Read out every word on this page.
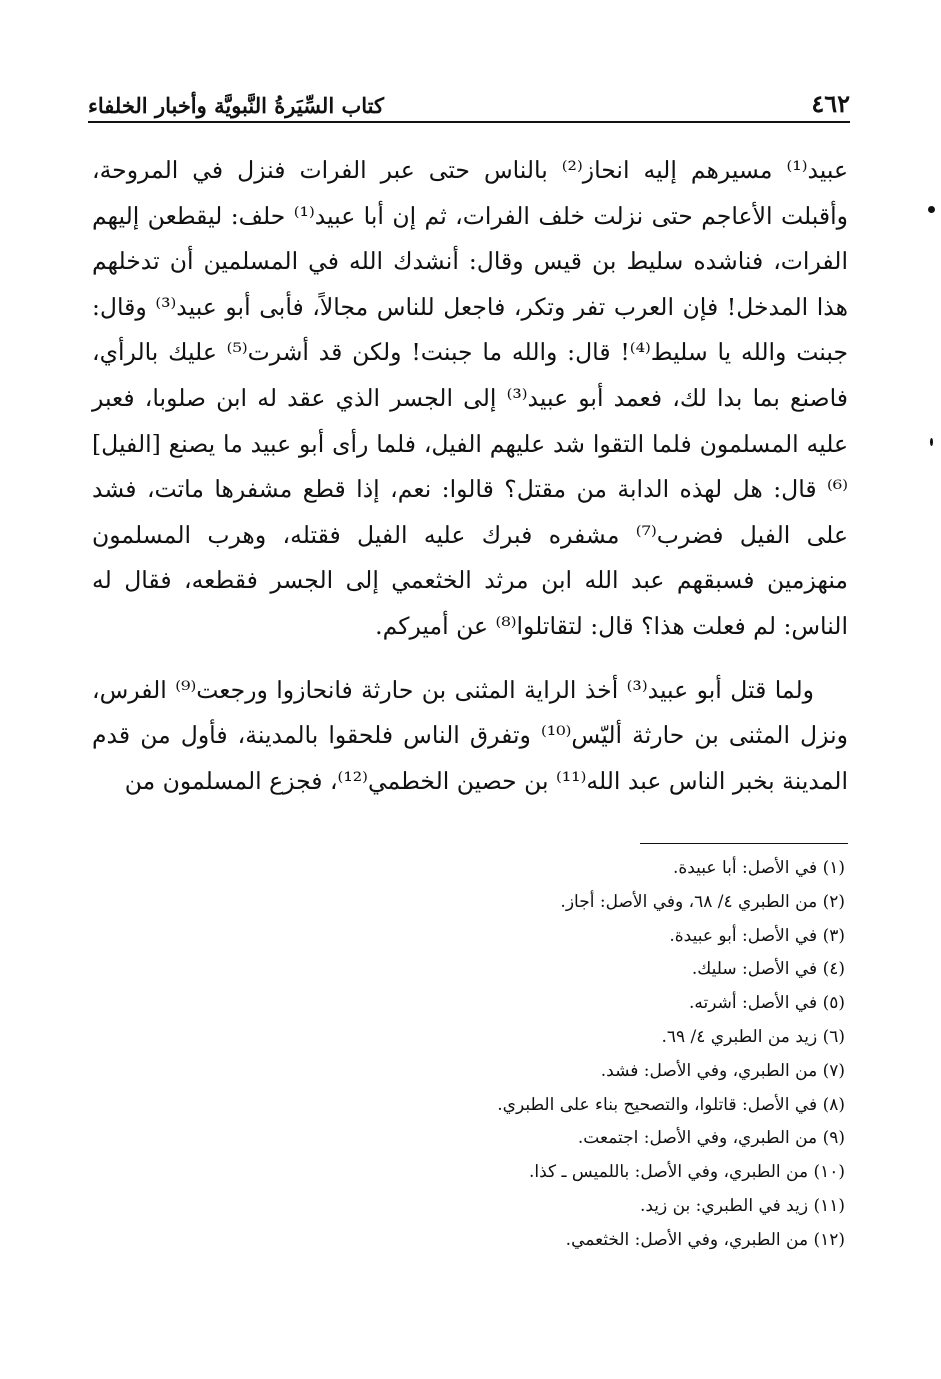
كتاب السِّيَرةُ النَّبويَّة وأخبار الخلفاء	٤٦٢

عبيد⁽¹⁾ مسيرهم إليه انحاز⁽²⁾ بالناس حتى عبر الفرات فنزل في المروحة، وأقبلت الأعاجم حتى نزلت خلف الفرات، ثم إن أبا عبيد⁽¹⁾ حلف: ليقطعن إليهم الفرات، فناشده سليط بن قيس وقال: أنشدك الله في المسلمين أن تدخلهم هذا المدخل! فإن العرب تفر وتكر، فاجعل للناس مجالاً، فأبى أبو عبيد⁽³⁾ وقال: جبنت والله يا سليط⁽⁴⁾! قال: والله ما جبنت! ولكن قد أشرت⁽⁵⁾ عليك بالرأي، فاصنع بما بدا لك، فعمد أبو عبيد⁽³⁾ إلى الجسر الذي عقد له ابن صلوبا، فعبر عليه المسلمون فلما التقوا شد عليهم الفيل، فلما رأى أبو عبيد ما يصنع [الفيل]⁽⁶⁾ قال: هل لهذه الدابة من مقتل؟ قالوا: نعم، إذا قطع مشفرها ماتت، فشد على الفيل فضرب⁽⁷⁾ مشفره فبرك عليه الفيل فقتله، وهرب المسلمون منهزمين فسبقهم عبد الله ابن مرثد الخثعمي إلى الجسر فقطعه، فقال له الناس: لم فعلت هذا؟ قال: لتقاتلوا⁽⁸⁾ عن أميركم.

ولما قتل أبو عبيد⁽³⁾ أخذ الراية المثنى بن حارثة فانحازوا ورجعت⁽⁹⁾ الفرس، ونزل المثنى بن حارثة أليّس⁽¹⁰⁾ وتفرق الناس فلحقوا بالمدينة، فأول من قدم المدينة بخبر الناس عبد الله⁽¹¹⁾ بن حصين الخطمي⁽¹²⁾، فجزع المسلمون من

(١) في الأصل: أبا عبيدة.
(٢) من الطبري ٤/ ٦٨، وفي الأصل: أجاز.
(٣) في الأصل: أبو عبيدة.
(٤) في الأصل: سليك.
(٥) في الأصل: أشرته.
(٦) زيد من الطبري ٤/ ٦٩.
(٧) من الطبري، وفي الأصل: فشد.
(٨) في الأصل: قاتلوا، والتصحيح بناء على الطبري.
(٩) من الطبري، وفي الأصل: اجتمعت.
(١٠) من الطبري، وفي الأصل: باللميس ـ كذا.
(١١) زيد في الطبري: بن زيد.
(١٢) من الطبري، وفي الأصل: الخثعمي.
